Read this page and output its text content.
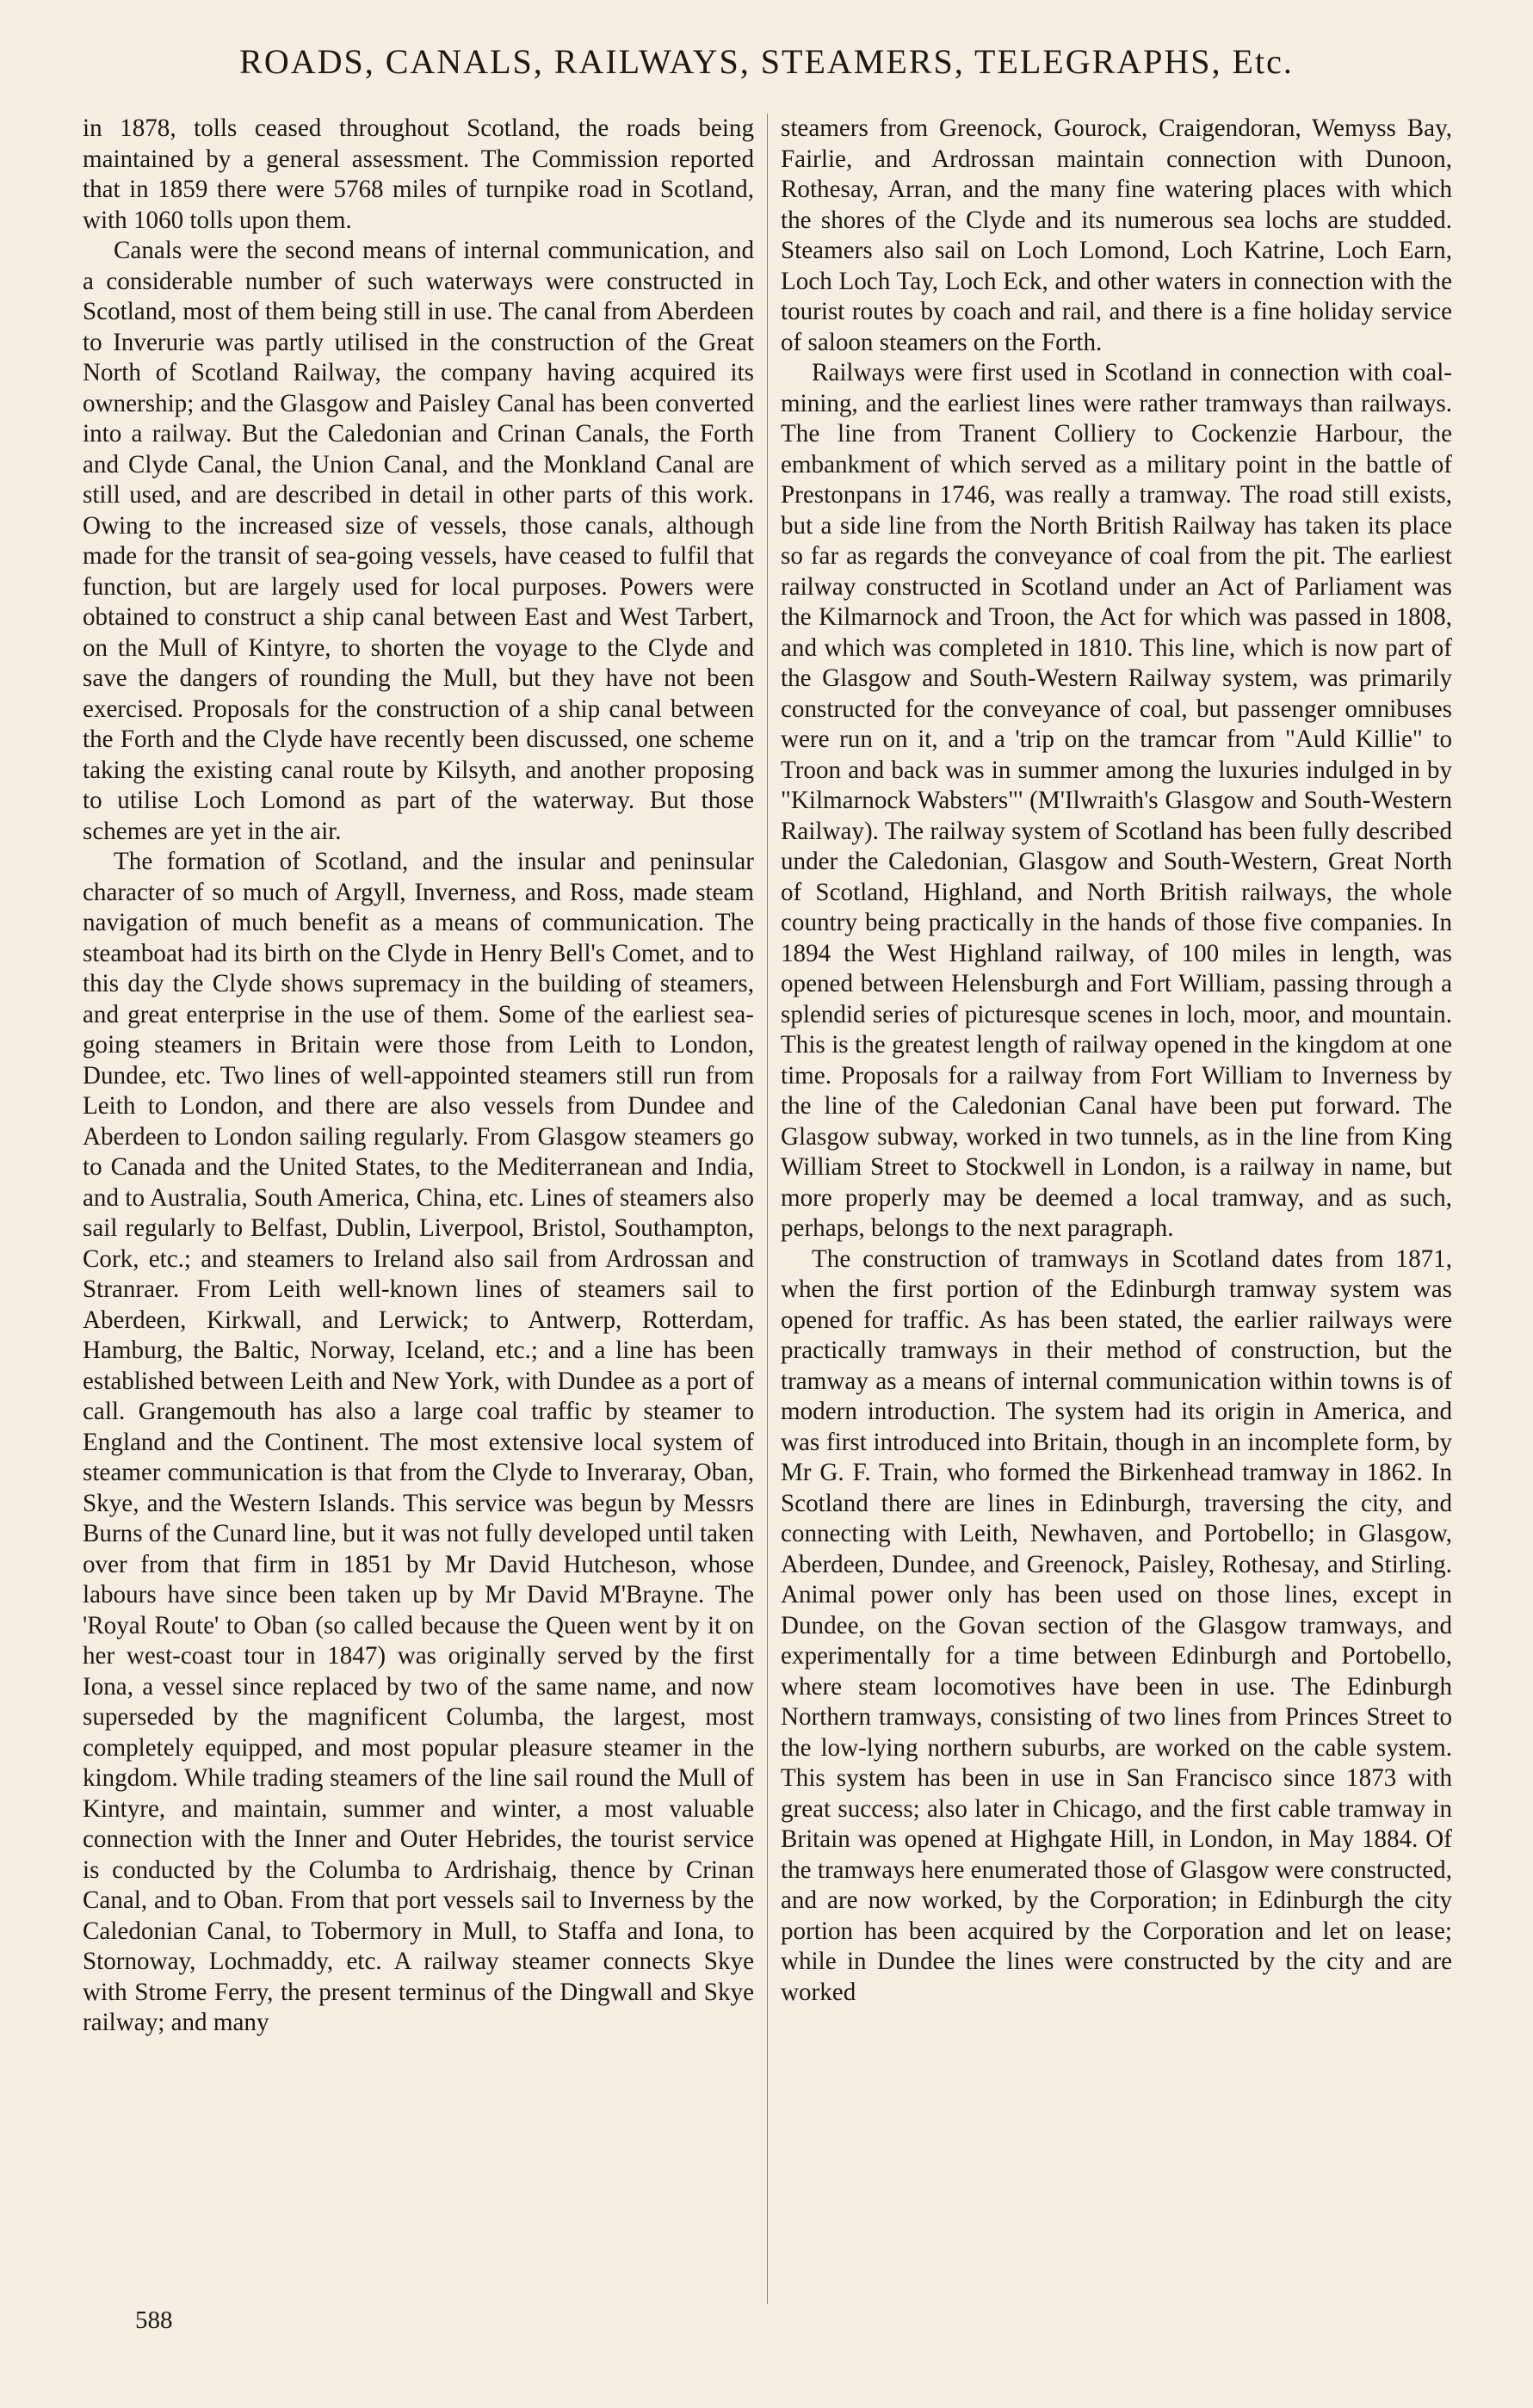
ROADS, CANALS, RAILWAYS, STEAMERS, TELEGRAPHS, Etc.

in 1878, tolls ceased throughout Scotland, the roads being maintained by a general assessment. The Commission reported that in 1859 there were 5768 miles of turnpike road in Scotland, with 1060 tolls upon them.

Canals were the second means of internal communication, and a considerable number of such waterways were constructed in Scotland, most of them being still in use. The canal from Aberdeen to Inverurie was partly utilised in the construction of the Great North of Scotland Railway, the company having acquired its ownership; and the Glasgow and Paisley Canal has been converted into a railway. But the Caledonian and Crinan Canals, the Forth and Clyde Canal, the Union Canal, and the Monkland Canal are still used, and are described in detail in other parts of this work. Owing to the increased size of vessels, those canals, although made for the transit of sea-going vessels, have ceased to fulfil that function, but are largely used for local purposes. Powers were obtained to construct a ship canal between East and West Tarbert, on the Mull of Kintyre, to shorten the voyage to the Clyde and save the dangers of rounding the Mull, but they have not been exercised. Proposals for the construction of a ship canal between the Forth and the Clyde have recently been discussed, one scheme taking the existing canal route by Kilsyth, and another proposing to utilise Loch Lomond as part of the waterway. But those schemes are yet in the air.

The formation of Scotland, and the insular and peninsular character of so much of Argyll, Inverness, and Ross, made steam navigation of much benefit as a means of communication. The steamboat had its birth on the Clyde in Henry Bell's Comet, and to this day the Clyde shows supremacy in the building of steamers, and great enterprise in the use of them. Some of the earliest sea-going steamers in Britain were those from Leith to London, Dundee, etc. Two lines of well-appointed steamers still run from Leith to London, and there are also vessels from Dundee and Aberdeen to London sailing regularly. From Glasgow steamers go to Canada and the United States, to the Mediterranean and India, and to Australia, South America, China, etc. Lines of steamers also sail regularly to Belfast, Dublin, Liverpool, Bristol, Southampton, Cork, etc.; and steamers to Ireland also sail from Ardrossan and Stranraer. From Leith well-known lines of steamers sail to Aberdeen, Kirkwall, and Lerwick; to Antwerp, Rotterdam, Hamburg, the Baltic, Norway, Iceland, etc.; and a line has been established between Leith and New York, with Dundee as a port of call. Grangemouth has also a large coal traffic by steamer to England and the Continent. The most extensive local system of steamer communication is that from the Clyde to Inveraray, Oban, Skye, and the Western Islands. This service was begun by Messrs Burns of the Cunard line, but it was not fully developed until taken over from that firm in 1851 by Mr David Hutcheson, whose labours have since been taken up by Mr David M'Brayne. The 'Royal Route' to Oban (so called because the Queen went by it on her west-coast tour in 1847) was originally served by the first Iona, a vessel since replaced by two of the same name, and now superseded by the magnificent Columba, the largest, most completely equipped, and most popular pleasure steamer in the kingdom. While trading steamers of the line sail round the Mull of Kintyre, and maintain, summer and winter, a most valuable connection with the Inner and Outer Hebrides, the tourist service is conducted by the Columba to Ardrishaig, thence by Crinan Canal, and to Oban. From that port vessels sail to Inverness by the Caledonian Canal, to Tobermory in Mull, to Staffa and Iona, to Stornoway, Lochmaddy, etc. A railway steamer connects Skye with Strome Ferry, the present terminus of the Dingwall and Skye railway; and many

steamers from Greenock, Gourock, Craigendoran, Wemyss Bay, Fairlie, and Ardrossan maintain connection with Dunoon, Rothesay, Arran, and the many fine watering places with which the shores of the Clyde and its numerous sea lochs are studded. Steamers also sail on Loch Lomond, Loch Katrine, Loch Earn, Loch Loch Tay, Loch Eck, and other waters in connection with the tourist routes by coach and rail, and there is a fine holiday service of saloon steamers on the Forth.

Railways were first used in Scotland in connection with coal-mining, and the earliest lines were rather tramways than railways. The line from Tranent Colliery to Cockenzie Harbour, the embankment of which served as a military point in the battle of Prestonpans in 1746, was really a tramway. The road still exists, but a side line from the North British Railway has taken its place so far as regards the conveyance of coal from the pit. The earliest railway constructed in Scotland under an Act of Parliament was the Kilmarnock and Troon, the Act for which was passed in 1808, and which was completed in 1810. This line, which is now part of the Glasgow and South-Western Railway system, was primarily constructed for the conveyance of coal, but passenger omnibuses were run on it, and a 'trip on the tramcar from "Auld Killie" to Troon and back was in summer among the luxuries indulged in by "Kilmarnock Wabsters"' (M'Ilwraith's Glasgow and South-Western Railway). The railway system of Scotland has been fully described under the Caledonian, Glasgow and South-Western, Great North of Scotland, Highland, and North British railways, the whole country being practically in the hands of those five companies. In 1894 the West Highland railway, of 100 miles in length, was opened between Helensburgh and Fort William, passing through a splendid series of picturesque scenes in loch, moor, and mountain. This is the greatest length of railway opened in the kingdom at one time. Proposals for a railway from Fort William to Inverness by the line of the Caledonian Canal have been put forward. The Glasgow subway, worked in two tunnels, as in the line from King William Street to Stockwell in London, is a railway in name, but more properly may be deemed a local tramway, and as such, perhaps, belongs to the next paragraph.

The construction of tramways in Scotland dates from 1871, when the first portion of the Edinburgh tramway system was opened for traffic. As has been stated, the earlier railways were practically tramways in their method of construction, but the tramway as a means of internal communication within towns is of modern introduction. The system had its origin in America, and was first introduced into Britain, though in an incomplete form, by Mr G. F. Train, who formed the Birkenhead tramway in 1862. In Scotland there are lines in Edinburgh, traversing the city, and connecting with Leith, Newhaven, and Portobello; in Glasgow, Aberdeen, Dundee, and Greenock, Paisley, Rothesay, and Stirling. Animal power only has been used on those lines, except in Dundee, on the Govan section of the Glasgow tramways, and experimentally for a time between Edinburgh and Portobello, where steam locomotives have been in use. The Edinburgh Northern tramways, consisting of two lines from Princes Street to the low-lying northern suburbs, are worked on the cable system. This system has been in use in San Francisco since 1873 with great success; also later in Chicago, and the first cable tramway in Britain was opened at Highgate Hill, in London, in May 1884. Of the tramways here enumerated those of Glasgow were constructed, and are now worked, by the Corporation; in Edinburgh the city portion has been acquired by the Corporation and let on lease; while in Dundee the lines were constructed by the city and are worked

588
